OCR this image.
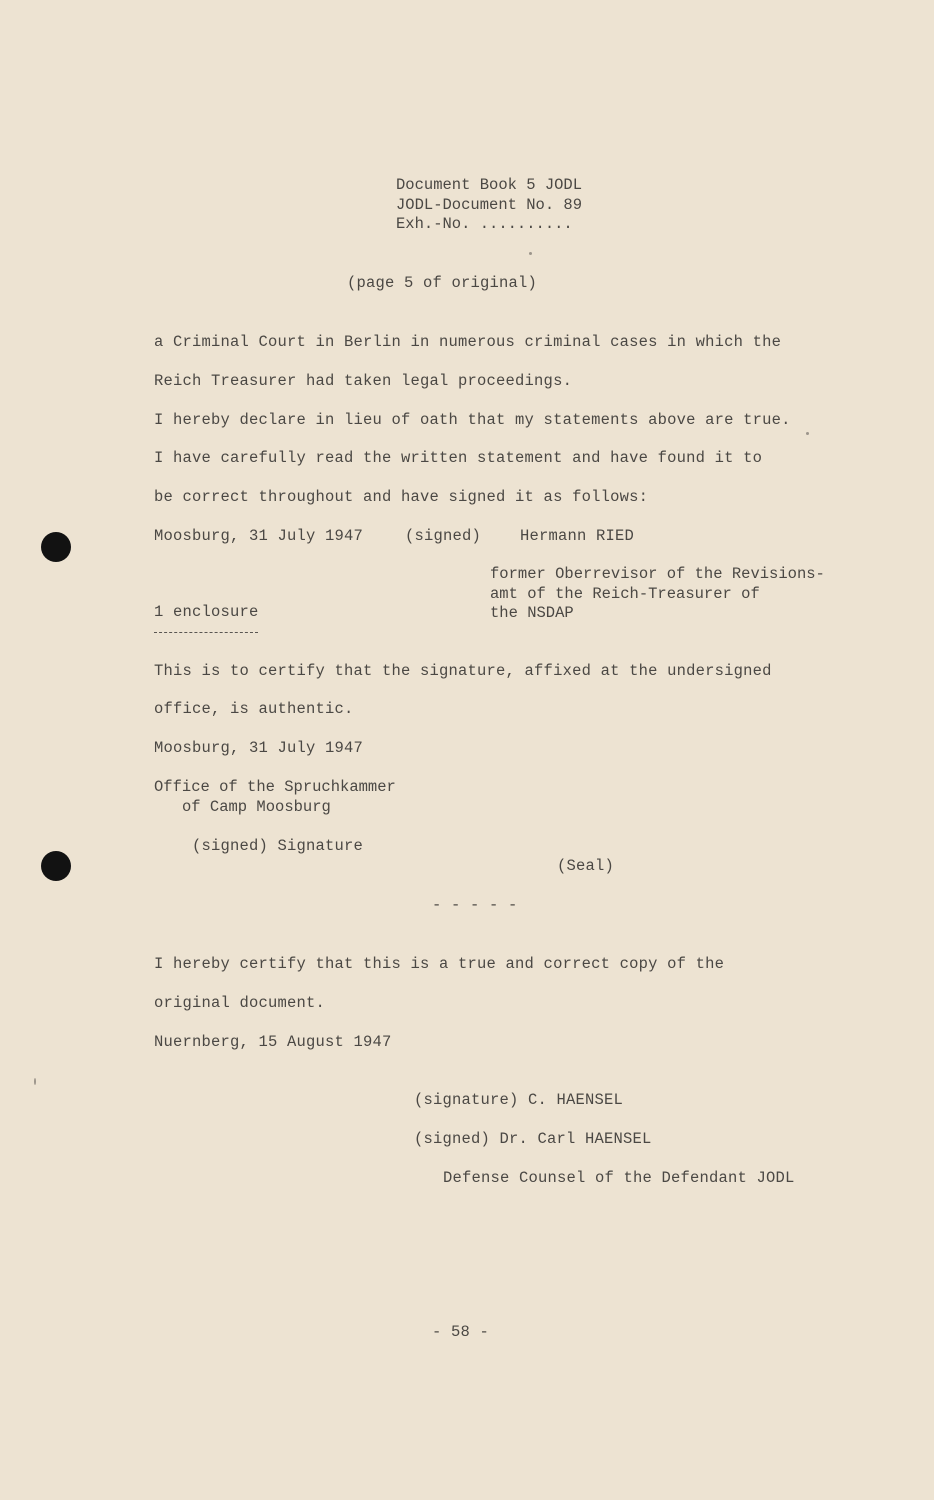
Document Book 5 JODL
JODL-Document No. 89
Exh.-No. ..........
(page 5 of original)
a Criminal Court in Berlin in numerous criminal cases in which the
Reich Treasurer had taken legal proceedings.
I hereby declare in lieu of oath that my statements above are true.
I have carefully read the written statement and have found it to
be correct throughout and have signed it as follows:
Moosburg, 31 July 1947	(signed)	Hermann RIED
former Oberrevisor of the Revisions-
amt of the Reich-Treasurer of
the NSDAP
1 enclosure
This is to certify that the signature, affixed at the undersigned
office, is authentic.
Moosburg, 31 July 1947
Office of the Spruchkammer
of Camp Moosburg
(signed) Signature
(Seal)
- - - - -
I hereby certify that this is a true and correct copy of the
original document.
Nuernberg, 15 August 1947
(signature) C. HAENSEL
(signed) Dr. Carl HAENSEL
Defense Counsel of the Defendant JODL
- 58 -
